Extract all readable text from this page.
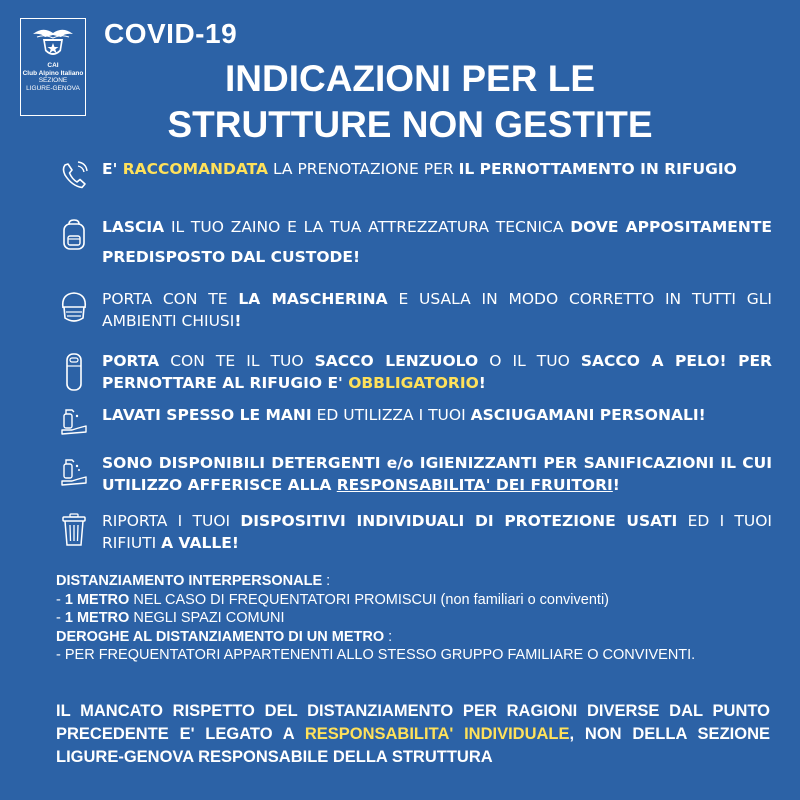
CAI
Club Alpino Italiano
SEZIONE
LIGURE-GENOVA
COVID-19
INDICAZIONI PER LE
STRUTTURE NON GESTITE
E' RACCOMANDATA LA PRENOTAZIONE PER IL PERNOTTAMENTO IN RIFUGIO
LASCIA IL TUO ZAINO E LA TUA ATTREZZATURA TECNICA DOVE APPOSITAMENTE PREDISPOSTO DAL CUSTODE!
PORTA CON TE LA MASCHERINA E USALA IN MODO CORRETTO IN TUTTI GLI AMBIENTI CHIUSI!
PORTA CON TE IL TUO SACCO LENZUOLO O IL TUO SACCO A PELO! PER PERNOTTARE AL RIFUGIO E' OBBLIGATORIO!
LAVATI SPESSO LE MANI ED UTILIZZA I TUOI ASCIUGAMANI PERSONALI!
SONO DISPONIBILI DETERGENTI e/o IGIENIZZANTI PER SANIFICAZIONI IL CUI UTILIZZO AFFERISCE ALLA RESPONSABILITA' DEI FRUITORI!
RIPORTA I TUOI DISPOSITIVI INDIVIDUALI DI PROTEZIONE USATI ED I TUOI RIFIUTI A VALLE!
DISTANZIAMENTO INTERPERSONALE :
- 1 METRO NEL CASO DI FREQUENTATORI PROMISCUI (non familiari o conviventi)
- 1 METRO NEGLI SPAZI COMUNI
DEROGHE AL DISTANZIAMENTO DI UN METRO :
- PER FREQUENTATORI APPARTENENTI ALLO STESSO GRUPPO FAMILIARE O CONVIVENTI.
IL MANCATO RISPETTO DEL DISTANZIAMENTO PER RAGIONI DIVERSE DAL PUNTO PRECEDENTE E' LEGATO A RESPONSABILITA' INDIVIDUALE, NON DELLA SEZIONE LIGURE-GENOVA RESPONSABILE DELLA STRUTTURA
